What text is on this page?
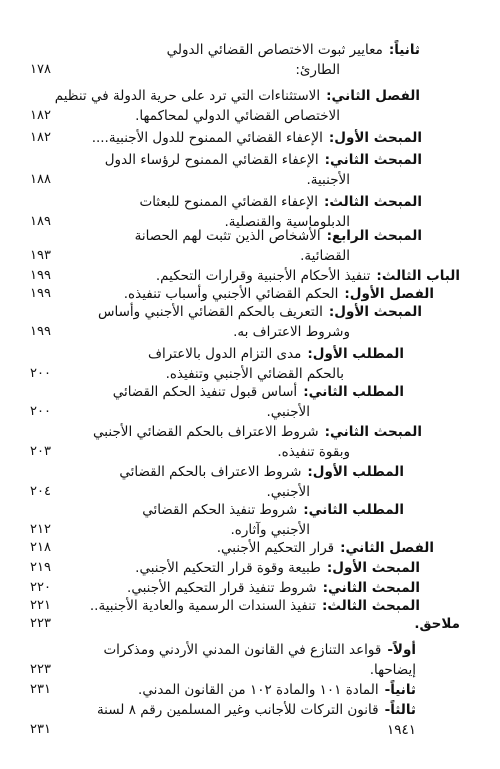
ثانياً:معايير ثبوت الاختصاص القضائي الدولي
الطارئ:
١٧٨
الفصل الثاني:الاستثناءات التي ترد على حرية الدولة في تنظيم
الاختصاص القضائي الدولي لمحاكمها.
١٨٢
المبحث الأول:الإعفاء القضائي الممنوح للدول الأجنبية....
١٨٢
المبحث الثاني:الإعفاء القضائي الممنوح لرؤساء الدول
الأجنبية.
١٨٨
المبحث الثالث:الإعفاء القضائي الممنوح للبعثات
الدبلوماسية والقنصلية.
١٨٩
المبحث الرابع:الأشخاص الذين تثبت لهم الحصانة
القضائية.
١٩٣
الباب الثالث:تنفيذ الأحكام الأجنبية وقرارات التحكيم.
١٩٩
الفصل الأول:الحكم القضائي الأجنبي وأسباب تنفيذه.
١٩٩
المبحث الأول:التعريف بالحكم القضائي الأجنبي وأساس
وشروط الاعتراف به.
١٩٩
المطلب الأول:مدى التزام الدول بالاعتراف
بالحكم القضائي الأجنبي وتنفيذه.
٢٠٠
المطلب الثاني:أساس قبول تنفيذ الحكم القضائي
الأجنبي.
٢٠٠
المبحث الثاني:شروط الاعتراف بالحكم القضائي الأجنبي
وبقوة تنفيذه.
٢٠٣
المطلب الأول:شروط الاعتراف بالحكم القضائي
الأجنبي.
٢٠٤
المطلب الثاني:شروط تنفيذ الحكم القضائي
الأجنبي وآثاره.
٢١٢
الفصل الثاني:قرار التحكيم الأجنبي.
٢١٨
المبحث الأول:طبيعة وقوة قرار التحكيم الأجنبي.
٢١٩
المبحث الثاني:شروط تنفيذ قرار التحكيم الأجنبي.
٢٢٠
المبحث الثالث:تنفيذ السندات الرسمية والعادية الأجنبية..
٢٢١
ملاحق.
٢٢٣
أولاً-قواعد التنازع في القانون المدني الأردني ومذكرات
إيضاحها.
٢٢٣
ثانياً-المادة ١٠١ والمادة ١٠٢ من القانون المدني.
٢٣١
ثالثاً-قانون التركات للأجانب وغير المسلمين رقم ٨ لسنة
١٩٤١
٢٣١
